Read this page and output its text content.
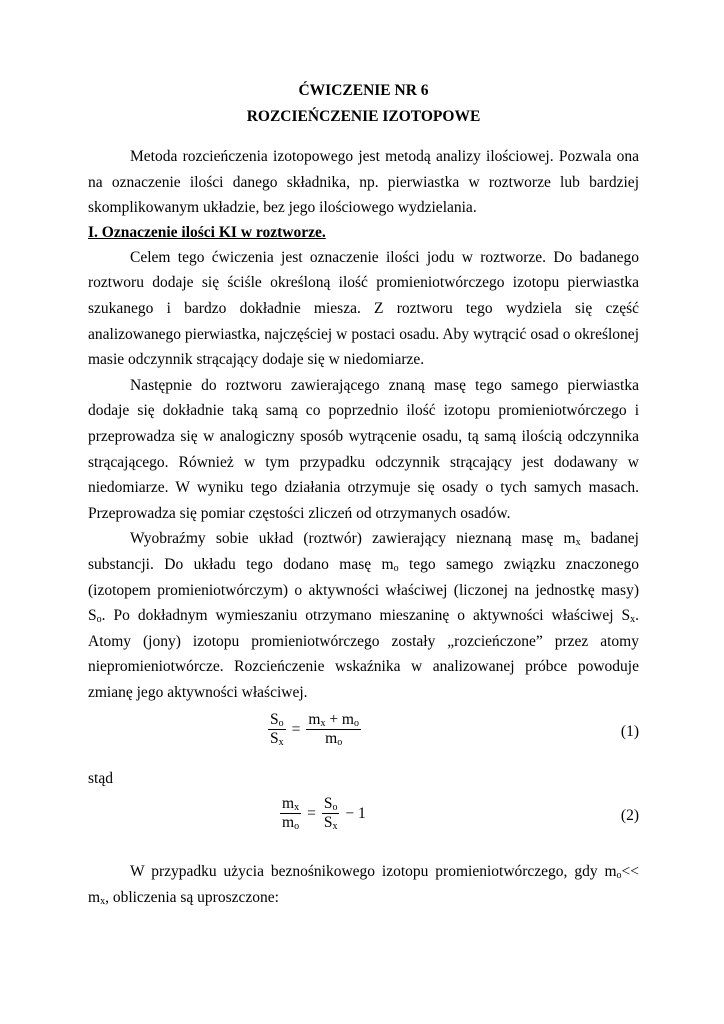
ĆWICZENIE NR 6
ROZCIEŃCZENIE IZOTOPOWE

Metoda rozcieńczenia izotopowego jest metodą analizy ilościowej. Pozwala ona na oznaczenie ilości danego składnika, np. pierwiastka w roztworze lub bardziej skomplikowanym układzie, bez jego ilościowego wydzielania.

I. Oznaczenie ilości KI w roztworze.

Celem tego ćwiczenia jest oznaczenie ilości jodu w roztworze. Do badanego roztworu dodaje się ściśle określoną ilość promieniotwórczego izotopu pierwiastka szukanego i bardzo dokładnie miesza. Z roztworu tego wydziela się część analizowanego pierwiastka, najczęściej w postaci osadu. Aby wytrącić osad o określonej masie odczynnik strącający dodaje się w niedomiarze.

Następnie do roztworu zawierającego znaną masę tego samego pierwiastka dodaje się dokładnie taką samą co poprzednio ilość izotopu promieniotwórczego i przeprowadza się w analogiczny sposób wytrącenie osadu, tą samą ilością odczynnika strącającego. Również w tym przypadku odczynnik strącający jest dodawany w niedomiarze. W wyniku tego działania otrzymuje się osady o tych samych masach. Przeprowadza się pomiar częstości zliczeń od otrzymanych osadów.

Wyobraźmy sobie układ (roztwór) zawierający nieznaną masę $m_x$ badanej substancji. Do układu tego dodano masę $m_o$ tego samego związku znaczonego (izotopem promieniotwórczym) o aktywności właściwej (liczonej na jednostkę masy) $S_o$. Po dokładnym wymieszaniu otrzymano mieszaninę o aktywności właściwej $S_x$. Atomy (jony) izotopu promieniotwórczego zostały „rozcieńczone” przez atomy niepromieniotwórcze. Rozcieńczenie wskaźnika w analizowanej próbce powoduje zmianę jego aktywności właściwej.

$\frac{S_o}{S_x} = \frac{m_x + m_o}{m_o}$	(1)
stąd
$\frac{m_x}{m_o} = \frac{S_o}{S_x} - 1$	(2)

W przypadku użycia beznośnikowego izotopu promieniotwórczego, gdy $m_o<< m_x$, obliczenia są uproszczone:
